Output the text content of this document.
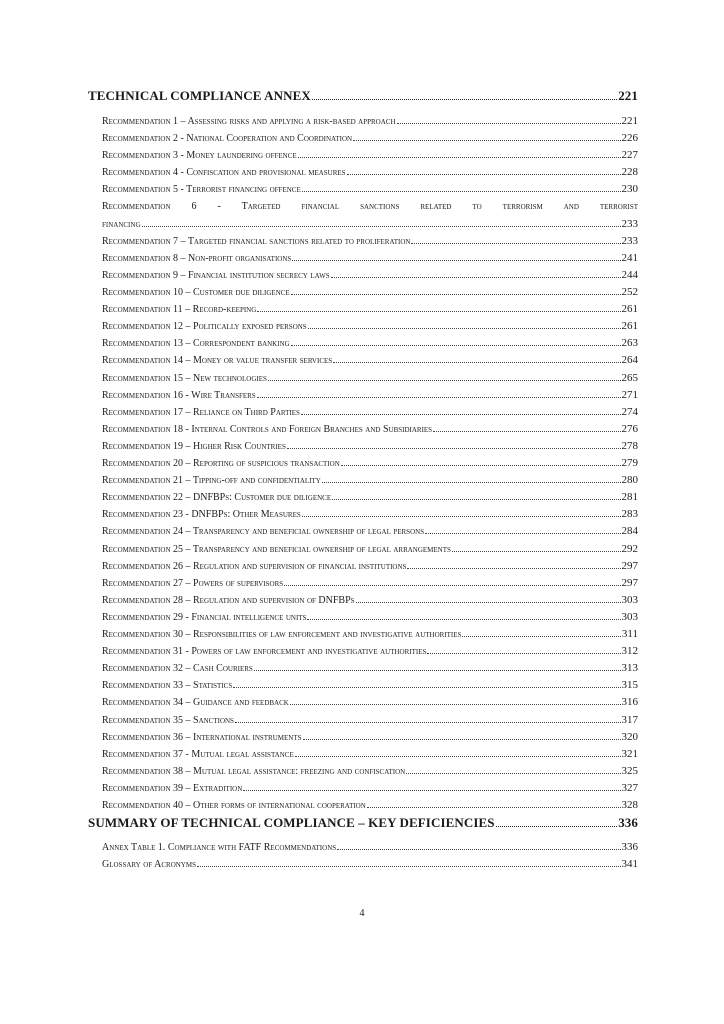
TECHNICAL COMPLIANCE ANNEX	221
Recommendation 1 – Assessing risks and applying a risk-based approach	221
Recommendation 2 - National Cooperation and Coordination	226
Recommendation 3 - Money laundering offence	227
Recommendation 4 - Confiscation and provisional measures	228
Recommendation 5 - Terrorist financing offence	230
Recommendation 6 - Targeted financial sanctions related to terrorism and terrorist
financing	233
Recommendation 7 – Targeted financial sanctions related to proliferation	233
Recommendation 8 – Non-profit organisations	241
Recommendation 9 – Financial institution secrecy laws	244
Recommendation 10 – Customer due diligence	252
Recommendation 11 – Record-keeping	261
Recommendation 12 – Politically exposed persons	261
Recommendation 13 – Correspondent banking	263
Recommendation 14 – Money or value transfer services	264
Recommendation 15 – New technologies	265
Recommendation 16 - Wire Transfers	271
Recommendation 17 – Reliance on Third Parties	274
Recommendation 18 - Internal Controls and Foreign Branches and Subsidiaries	276
Recommendation 19 – Higher Risk Countries	278
Recommendation 20 – Reporting of suspicious transaction	279
Recommendation 21 – Tipping-off and confidentiality	280
Recommendation 22 – DNFBPs: Customer due diligence	281
Recommendation 23 - DNFBPs: Other Measures	283
Recommendation 24 – Transparency and beneficial ownership of legal persons	284
Recommendation 25 – Transparency and beneficial ownership of legal arrangements	292
Recommendation 26 – Regulation and supervision of financial institutions	297
Recommendation 27 – Powers of supervisors	297
Recommendation 28 – Regulation and supervision of DNFBPs	303
Recommendation 29 - Financial intelligence units	303
Recommendation 30 – Responsibilities of law enforcement and investigative authorities	311
Recommendation 31 - Powers of law enforcement and investigative authorities	312
Recommendation 32 – Cash Couriers	313
Recommendation 33 – Statistics	315
Recommendation 34 – Guidance and feedback	316
Recommendation 35 – Sanctions	317
Recommendation 36 – International instruments	320
Recommendation 37 - Mutual legal assistance	321
Recommendation 38 – Mutual legal assistance: freezing and confiscation	325
Recommendation 39 – Extradition	327
Recommendation 40 – Other forms of international cooperation	328
SUMMARY OF TECHNICAL COMPLIANCE – KEY DEFICIENCIES	336
Annex Table 1. Compliance with FATF Recommendations	336
Glossary of Acronyms	341
4
